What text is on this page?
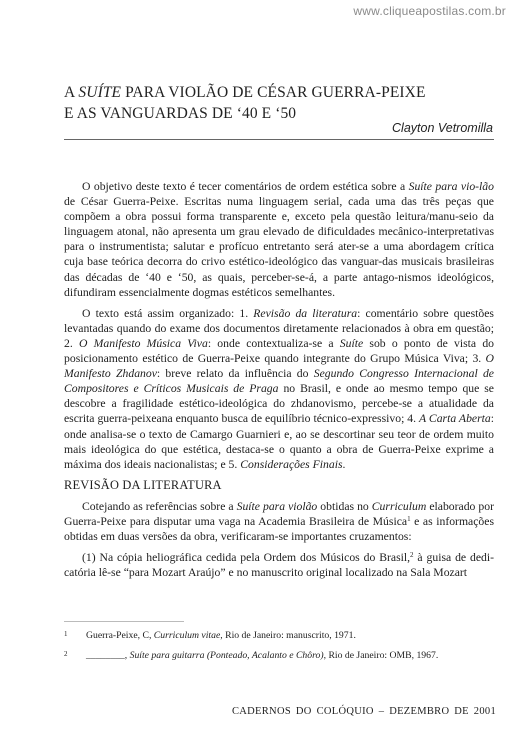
www.cliqueapostilas.com.br
A SUÍTE PARA VIOLÃO DE CÉSAR GUERRA-PEIXE
E AS VANGUARDAS DE ‘40 E ‘50
Clayton Vetromilla

O objetivo deste texto é tecer comentários de ordem estética sobre a Suíte para vio-lão de César Guerra-Peixe. Escritas numa linguagem serial, cada uma das três peças que compõem a obra possui forma transparente e, exceto pela questão leitura/manu-seio da linguagem atonal, não apresenta um grau elevado de dificuldades mecânico-interpretativas para o instrumentista; salutar e profícuo entretanto será ater-se a uma abordagem crítica cuja base teórica decorra do crivo estético-ideológico das vanguar-das musicais brasileiras das décadas de ‘40 e ‘50, as quais, perceber-se-á, a parte antago-nismos ideológicos, difundiram essencialmente dogmas estéticos semelhantes.

O texto está assim organizado: 1. Revisão da literatura: comentário sobre questões levantadas quando do exame dos documentos diretamente relacionados à obra em questão; 2. O Manifesto Música Viva: onde contextualiza-se a Suíte sob o ponto de vista do posicionamento estético de Guerra-Peixe quando integrante do Grupo Música Viva; 3. O Manifesto Zhdanov: breve relato da influência do Segundo Congresso Internacional de Compositores e Críticos Musicais de Praga no Brasil, e onde ao mesmo tempo que se descobre a fragilidade estético-ideológica do zhdanovismo, percebe-se a atualidade da escrita guerra-peixeana enquanto busca de equilíbrio técnico-expressivo; 4. A Carta Aberta: onde analisa-se o texto de Camargo Guarnieri e, ao se descortinar seu teor de ordem muito mais ideológica do que estética, destaca-se o quanto a obra de Guerra-Peixe exprime a máxima dos ideais nacionalistas; e 5. Considerações Finais.

REVISÃO DA LITERATURA

Cotejando as referências sobre a Suíte para violão obtidas no Curriculum elaborado por Guerra-Peixe para disputar uma vaga na Academia Brasileira de Música$^1$ e as informações obtidas em duas versões da obra, verificaram-se importantes cruzamentos:

(1) Na cópia heliográfica cedida pela Ordem dos Músicos do Brasil,$^2$ à guisa de dedi-catória lê-se “para Mozart Araújo” e no manuscrito original localizado na Sala Mozart

1 Guerra-Peixe, C, Curriculum vitae, Rio de Janeiro: manuscrito, 1971.
2 ________, Suíte para guitarra (Ponteado, Acalanto e Chôro), Rio de Janeiro: OMB, 1967.
CADERNOS DO COLÓQUIO – DEZEMBRO DE 2001
